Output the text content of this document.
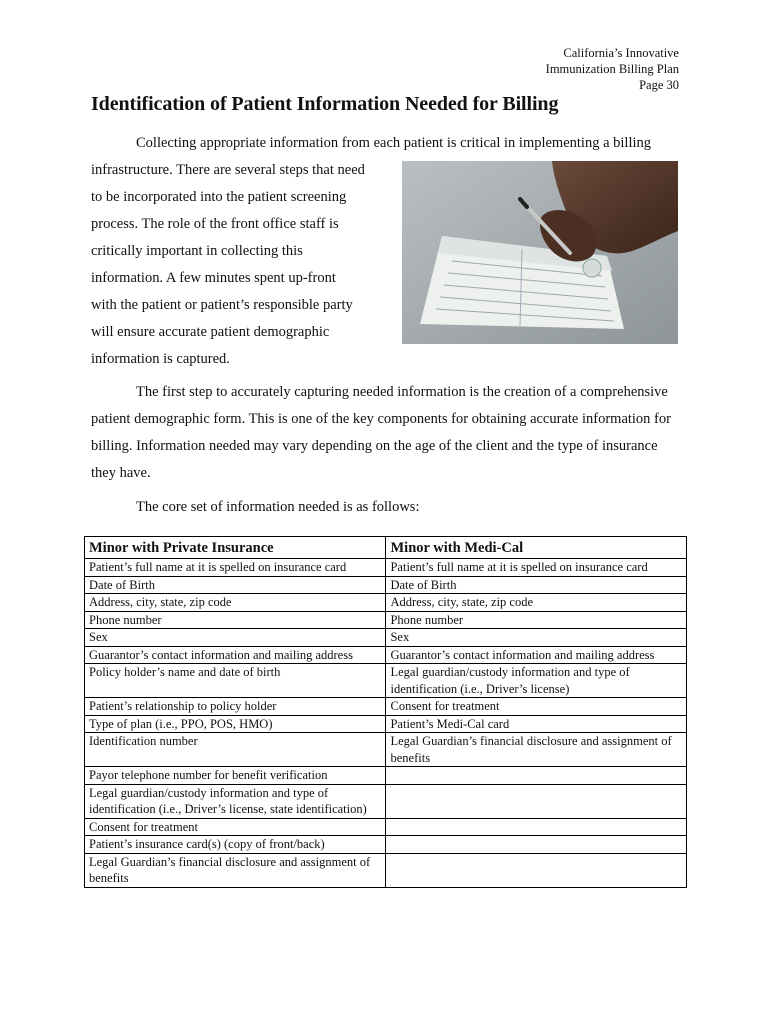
California’s Innovative
Immunization Billing Plan
Page 30
Identification of Patient Information Needed for Billing

Collecting appropriate information from each patient is critical in implementing a billing

infrastructure. There are several steps that need
to be incorporated into the patient screening
process. The role of the front office staff is
critically important in collecting this
information. A few minutes spent up-front
with the patient or patient’s responsible party
will ensure accurate patient demographic
information is captured.

The first step to accurately capturing needed information is the creation of a comprehensive patient demographic form. This is one of the key components for obtaining accurate information for billing. Information needed may vary depending on the age of the client and the type of insurance they have.

The core set of information needed is as follows:

Minor with Private Insurance	Minor with Medi-Cal
Patient’s full name at it is spelled on insurance card	Patient’s full name at it is spelled on insurance card
Date of Birth	Date of Birth
Address, city, state, zip code	Address, city, state, zip code
Phone number	Phone number
Sex	Sex
Guarantor’s contact information and mailing address	Guarantor’s contact information and mailing address
Policy holder’s name and date of birth	Legal guardian/custody information and type of identification (i.e., Driver’s license)
Patient’s relationship to policy holder	Consent for treatment
Type of plan (i.e., PPO, POS, HMO)	Patient’s Medi-Cal card
Identification number	Legal Guardian’s financial disclosure and assignment of benefits
Payor telephone number for benefit verification	
Legal guardian/custody information and type of identification (i.e., Driver’s license, state identification)	
Consent for treatment	
Patient’s insurance card(s) (copy of front/back)	
Legal Guardian’s financial disclosure and assignment of benefits	
